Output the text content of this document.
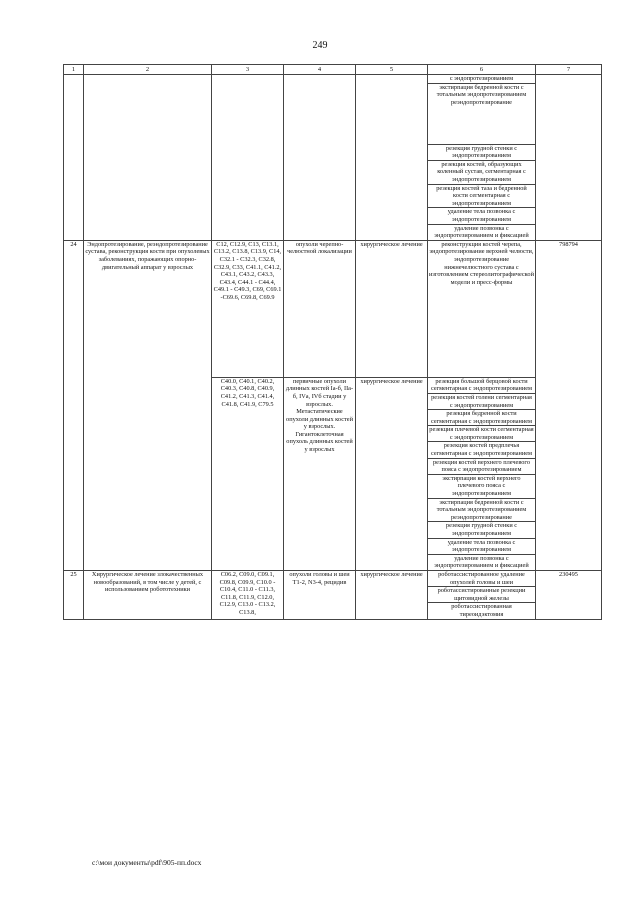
249
1	2	3	4	5	6	7
					с эндопротезированием	
					экстирпация бедренной кости с тотальным эндопротезированием реэндопротезирование	
					резекция грудной стенки с эндопротезированием	
					резекция костей, образующих коленный сустав, сегментарная с эндопротезированием	
					резекция костей таза и бедренной кости сегментарная с эндопротезированием	
					удаление тела позвонка с эндопротезированием	
					удаление позвонка с эндопротезированием и фиксацией	
24	Эндопротезирование, реэндопротезирование сустава, реконструкция кости при опухолевых заболеваниях, поражающих опорно-двигательный аппарат у взрослых	C12, C12.9, C13, C13.1, C13.2, C13.8, C13.9, C14, C32.1 - C32.3, C32.8, C32.9, C33, C41.1, C41.2, C43.1, C43.2, C43.3, C43.4, C44.1 - C44.4, C49.1 - C49.3, C69, C69.1 -C69.6, C69.8, C69.9	опухоли черепно-челюстной локализации	хирургическое лечение	реконструкция костей черепа, эндопротезирование верхней челюсти, эндопротезирование нижнечелюстного сустава с изготовлением стереолитографической модели и пресс-формы	798794
		C40.0, C40.1, C40.2, C40.3, C40.8, C40.9, C41.2, C41.3, C41.4, C41.8, C41.9, C79.5	первичные опухоли длинных костей Iа-б, IIа-б, IVа, IVб стадии у взрослых. Метастатические опухоли длинных костей у взрослых. Гигантоклеточная опухоль длинных костей у взрослых	хирургическое лечение	резекция большой берцовой кости сегментарная с эндопротезированием	
					резекция костей голени сегментарная с эндопротезированием	
					резекция бедренной кости сегментарная с эндопротезированием	
					резекция плечевой кости сегментарная с эндопротезированием	
					резекция костей предплечья сегментарная с эндопротезированием	
					резекция костей верхнего плечевого пояса с эндопротезированием	
					экстирпация костей верхнего плечевого пояса с эндопротезированием	
					экстирпация бедренной кости с тотальным эндопротезированием реэндопротезирование	
					резекция грудной стенки с эндопротезированием	
					удаление тела позвонка с эндопротезированием	
					удаление позвонка с эндопротезированием и фиксацией	
25	Хирургическое лечение злокачественных новообразований, в том числе у детей, с использованием робототехники	C06.2, C09.0, C09.1, C09.8, C09.9, C10.0 - C10.4, C11.0 - C11.3, C11.8, C11.9, C12.0, C12.9, C13.0 - C13.2, C13.8,	опухоли головы и шеи T1-2, N3-4, рецидив	хирургическое лечение	роботассистированное удаление опухолей головы и шеи	230495
					роботассистированные резекции щитовидной железы	
					роботассистированная тиреоидэктомия	
c:\мои документы\pdf\905-пп.docx
